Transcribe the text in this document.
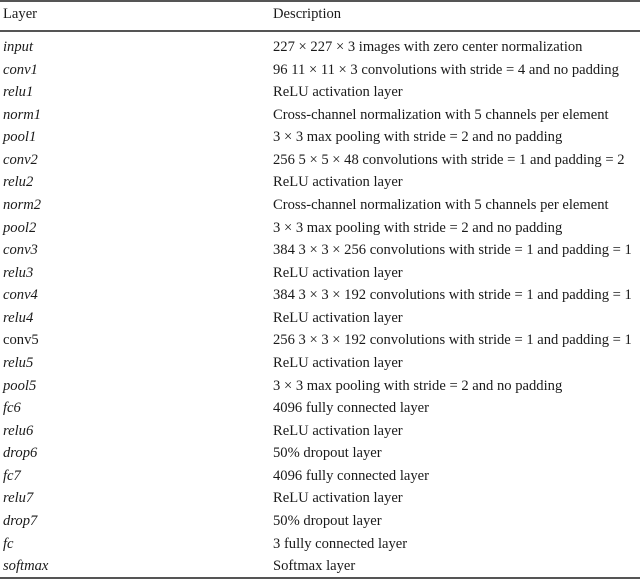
Layer	Description
input	227 × 227 × 3 images with zero center normalization
conv1	96 11 × 11 × 3 convolutions with stride = 4 and no padding
relu1	ReLU activation layer
norm1	Cross-channel normalization with 5 channels per element
pool1	3 × 3 max pooling with stride = 2 and no padding
conv2	256 5 × 5 × 48 convolutions with stride = 1 and padding = 2
relu2	ReLU activation layer
norm2	Cross-channel normalization with 5 channels per element
pool2	3 × 3 max pooling with stride = 2 and no padding
conv3	384 3 × 3 × 256 convolutions with stride = 1 and padding = 1
relu3	ReLU activation layer
conv4	384 3 × 3 × 192 convolutions with stride = 1 and padding = 1
relu4	ReLU activation layer
conv5	256 3 × 3 × 192 convolutions with stride = 1 and padding = 1
relu5	ReLU activation layer
pool5	3 × 3 max pooling with stride = 2 and no padding
fc6	4096 fully connected layer
relu6	ReLU activation layer
drop6	50% dropout layer
fc7	4096 fully connected layer
relu7	ReLU activation layer
drop7	50% dropout layer
fc	3 fully connected layer
softmax	Softmax layer
